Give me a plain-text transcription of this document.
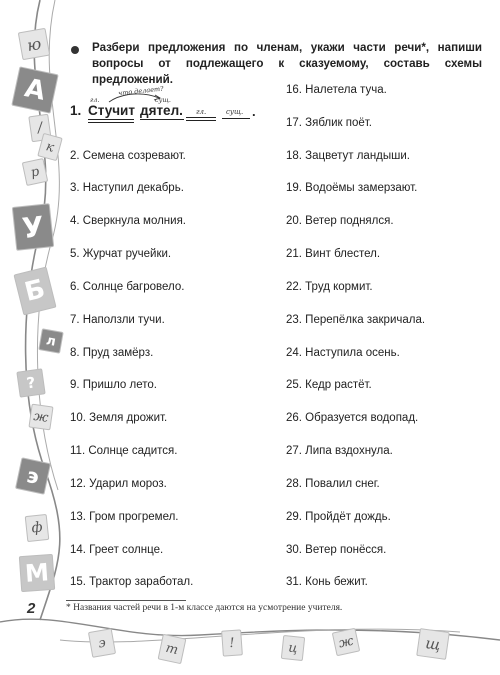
ю
А
/
к
р
У
Б
л
?
ж
э
ф
М
э	т	!	ц	ж	щ
Разбери предложения по членам, укажи части речи*, напиши вопросы от подлежащего к сказуемому, составь схемы предложений.
1. Стучит дятел.
гл.	сущ.
что делает?
гл.	сущ. .
2. Семена созревают.
3. Наступил декабрь.
4. Сверкнула молния.
5. Журчат ручейки.
6. Солнце багровело.
7. Наползли тучи.
8. Пруд замёрз.
9. Пришло лето.
10. Земля дрожит.
11. Солнце садится.
12. Ударил мороз.
13. Гром прогремел.
14. Греет солнце.
15. Трактор заработал.
16. Налетела туча.
17. Зяблик поёт.
18. Зацветут ландыши.
19. Водоёмы замерзают.
20. Ветер поднялся.
21. Винт блестел.
22. Труд кормит.
23. Перепёлка закричала.
24. Наступила осень.
25. Кедр растёт.
26. Образуется водопад.
27. Липа вздохнула.
28. Повалил снег.
29. Пройдёт дождь.
30. Ветер понёсся.
31. Конь бежит.
2	* Названия частей речи в 1-м классе даются на усмотрение учителя.
